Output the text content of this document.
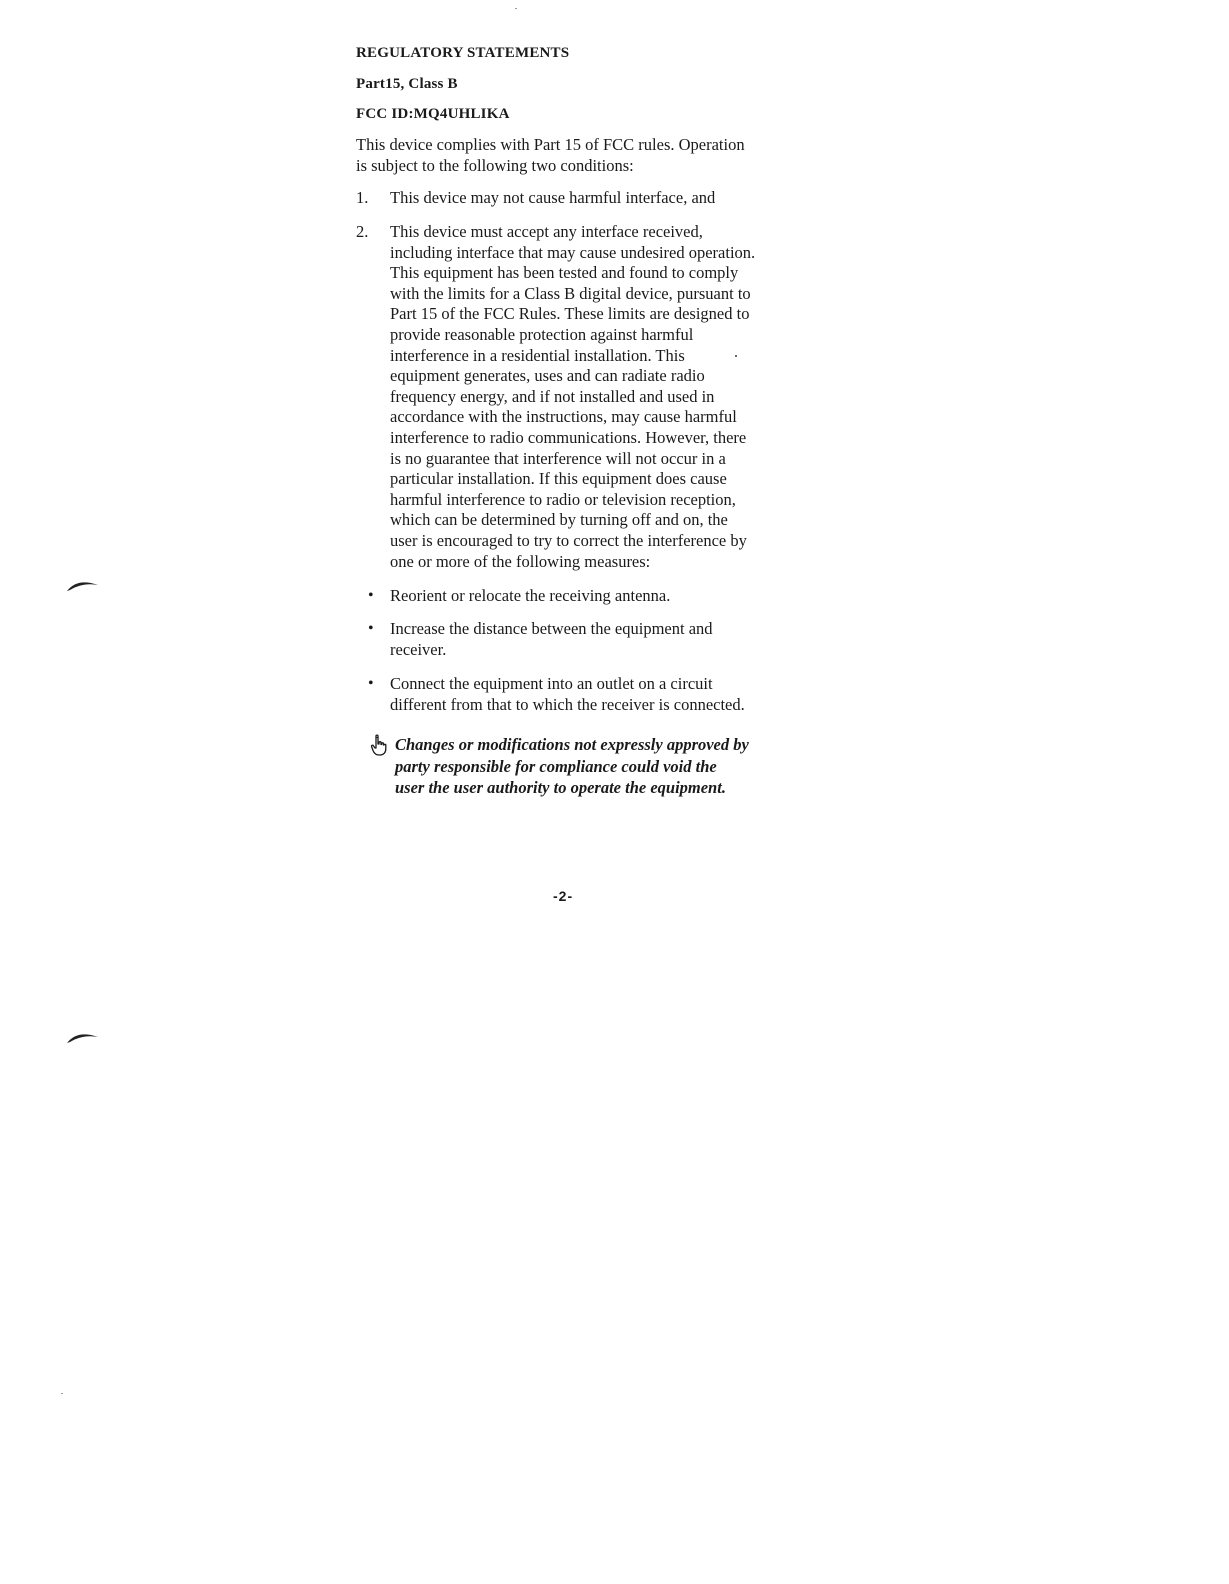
REGULATORY STATEMENTS
Part15, Class B
FCC ID:MQ4UHLIKA

This device complies with Part 15 of FCC rules. Operation
is subject to the following two conditions:

1.	This device may not cause harmful interface, and
2.	This device must accept any interface received,
including interface that may cause undesired operation.
This equipment has been tested and found to comply
with the limits for a Class B digital device, pursuant to
Part 15 of the FCC Rules. These limits are designed to
provide reasonable protection against harmful
interference in a residential installation. This
equipment generates, uses and can radiate radio
frequency energy, and if not installed and used in
accordance with the instructions, may cause harmful
interference to radio communications. However, there
is no guarantee that interference will not occur in a
particular installation. If this equipment does cause
harmful interference to radio or television reception,
which can be determined by turning off and on, the
user is encouraged to try to correct the interference by
one or more of the following measures:
• Reorient or relocate the receiving antenna.
• Increase the distance between the equipment and
receiver.
• Connect the equipment into an outlet on a circuit
different from that to which the receiver is connected.
Changes or modifications not expressly approved by
party responsible for compliance could void the
user the user authority to operate the equipment.
-2-
